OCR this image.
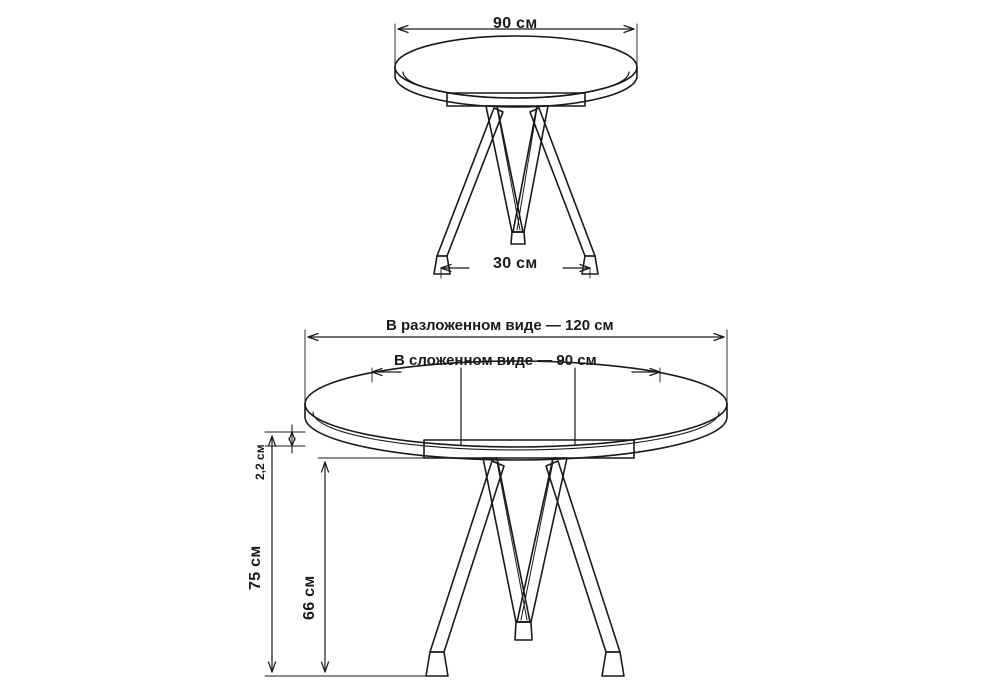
90 см
30 см
В разложенном виде — 120 см
В сложенном виде — 90 см
2,2 см
75 см
66 см
